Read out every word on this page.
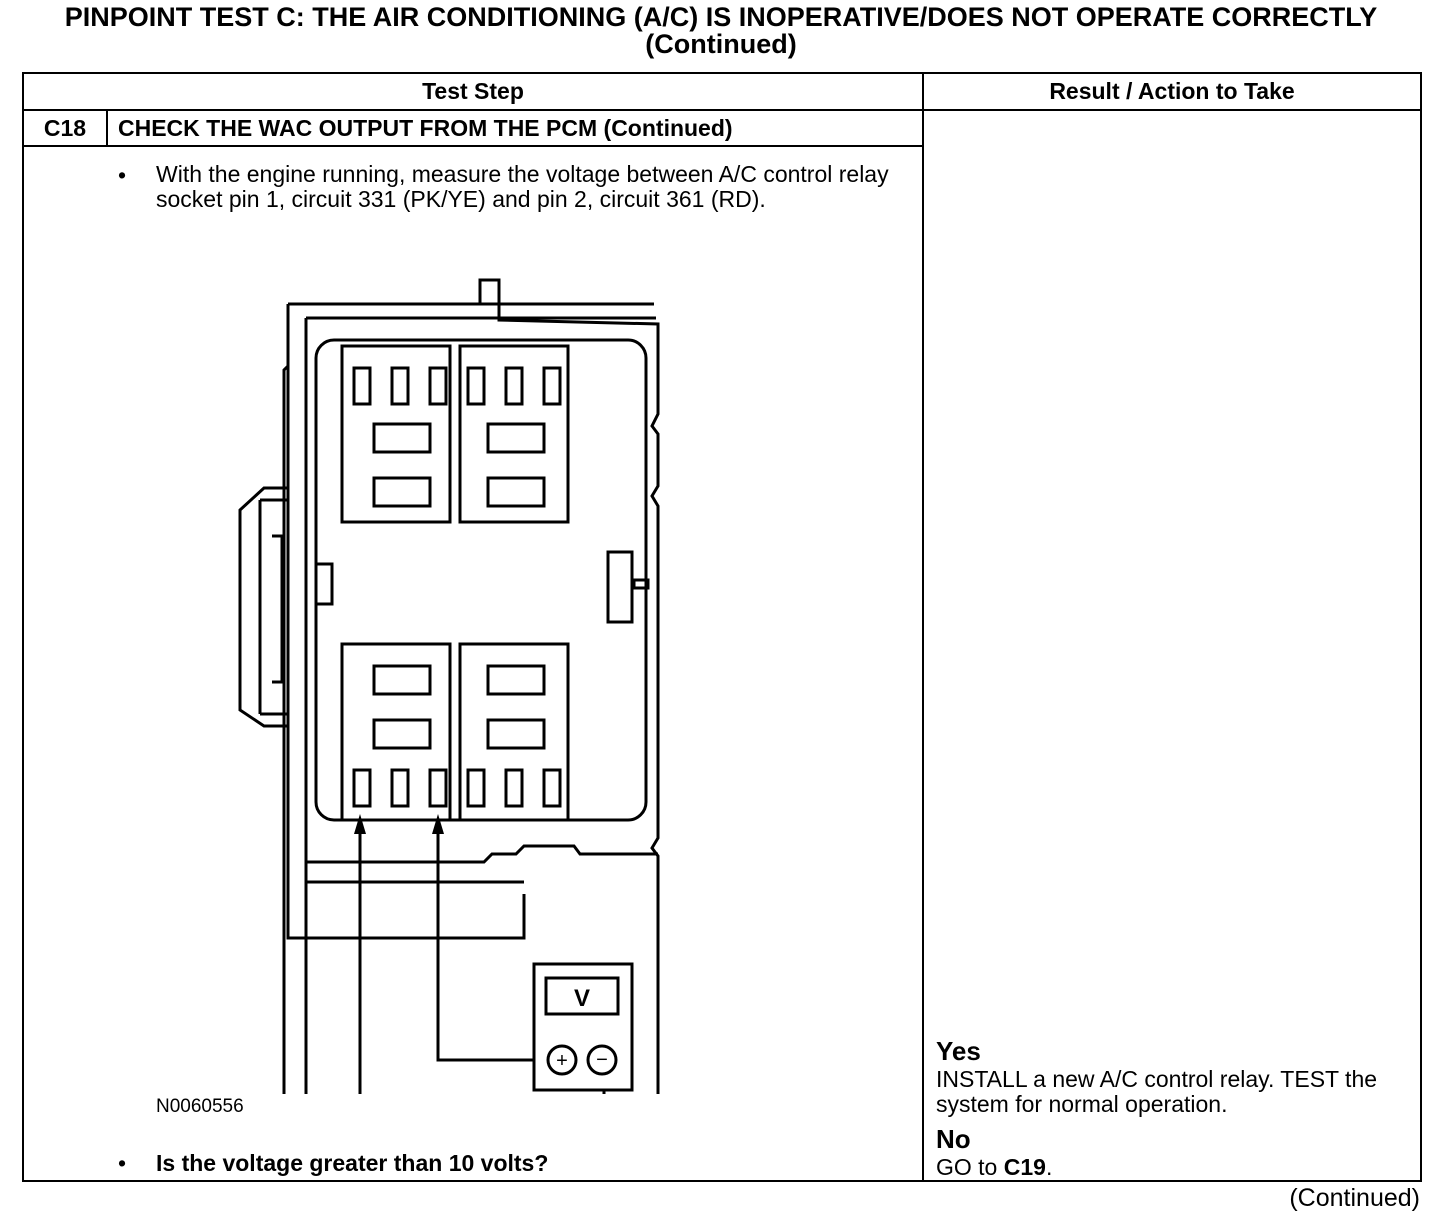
PINPOINT TEST C: THE AIR CONDITIONING (A/C) IS INOPERATIVE/DOES NOT OPERATE CORRECTLY
(Continued)
Test Step	Result / Action to Take
C18	CHECK THE WAC OUTPUT FROM THE PCM (Continued)
• With the engine running, measure the voltage between A/C control relay socket pin 1, circuit 331 (PK/YE) and pin 2, circuit 361 (RD).
V
+ −
N0060556
• Is the voltage greater than 10 volts?
Yes
INSTALL a new A/C control relay. TEST the system for normal operation.
No
GO to C19.
(Continued)
